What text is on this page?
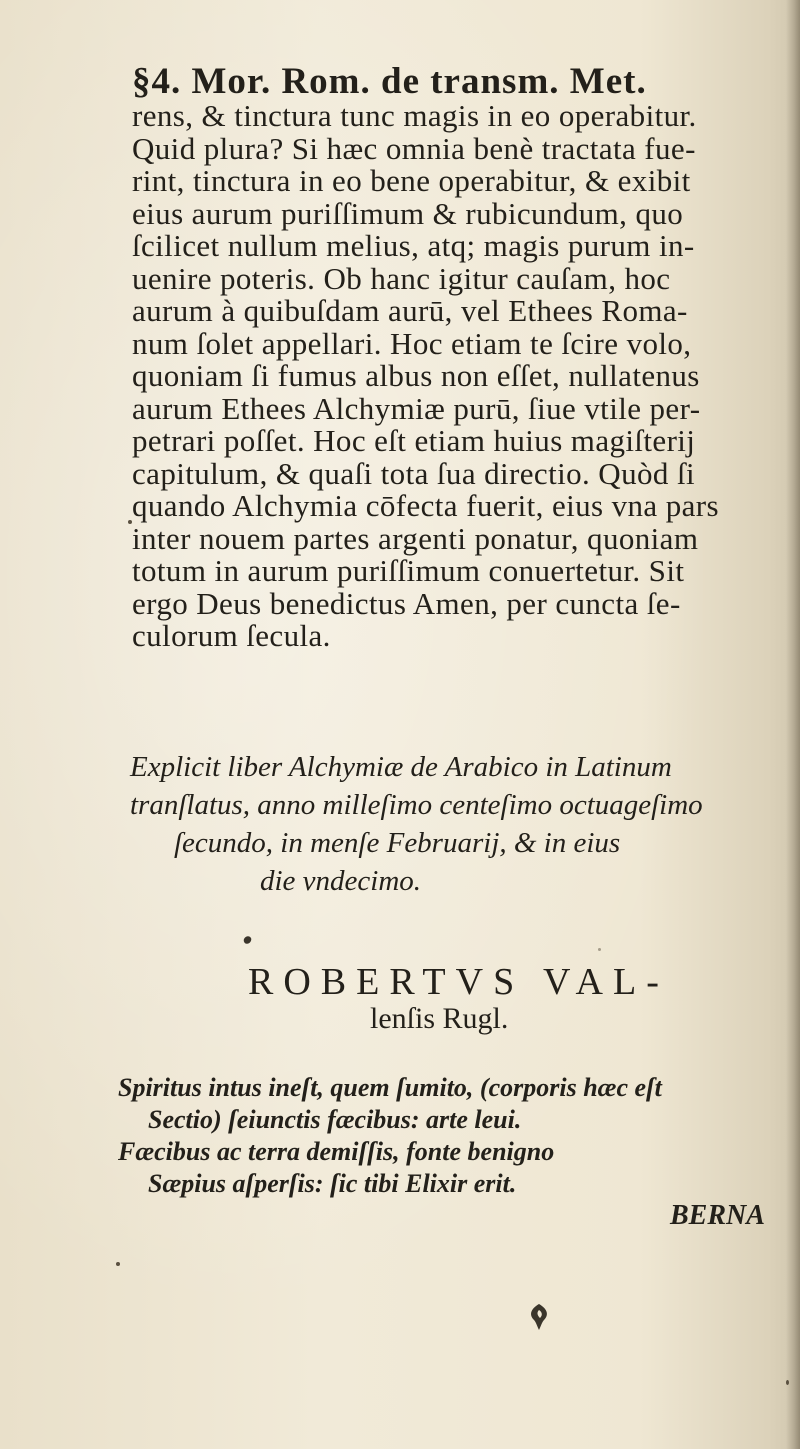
§4. Mor. Rom. de transm. Met.
rens, & tinctura tunc magis in eo operabitur.
Quid plura? Si hæc omnia benè tractata fue-
rint, tinctura in eo bene operabitur, & exibit
eius aurum puriſſimum & rubicundum, quo
ſcilicet nullum melius, atq; magis purum in-
uenire poteris. Ob hanc igitur cauſam, hoc
aurum à quibuſdam aurū, vel Ethees Roma-
num ſolet appellari. Hoc etiam te ſcire volo,
quoniam ſi fumus albus non eſſet, nullatenus
aurum Ethees Alchymiæ purū, ſiue vtile per-
petrari poſſet. Hoc eſt etiam huius magiſterij
capitulum, & quaſi tota ſua directio. Quòd ſi
quando Alchymia cōfecta fuerit, eius vna pars
inter nouem partes argenti ponatur, quoniam
totum in aurum puriſſimum conuertetur. Sit
ergo Deus benedictus Amen, per cuncta ſe-
culorum ſecula.
Explicit liber Alchymiæ de Arabico in Latinum
tranſlatus, anno milleſimo centeſimo octuageſimo
ſecundo, in menſe Februarij, & in eius
die vndecimo.
ROBERTVS VAL-
lenſis Rugl.
Spiritus intus ineſt, quem ſumito, (corporis hæc eſt
Sectio) ſeiunctis fæcibus: arte leui.
Fæcibus ac terra demiſſis, fonte benigno
Sæpius aſperſis: ſic tibi Elixir erit.
BERNA
